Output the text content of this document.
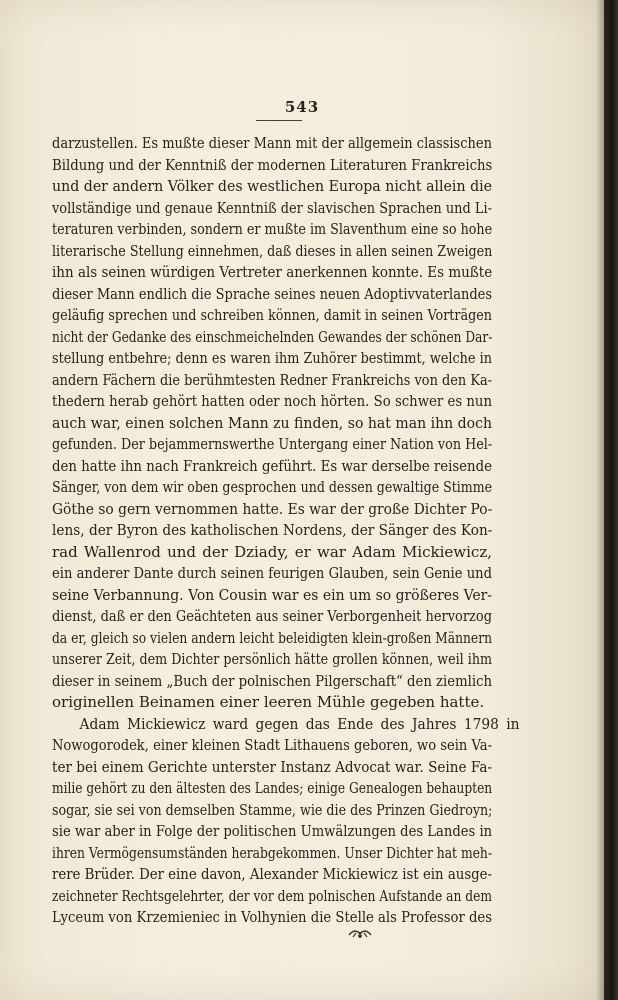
543
darzustellen. Es mußte dieser Mann mit der allgemein classischen
Bildung und der Kenntniß der modernen Literaturen Frankreichs
und der andern Völker des westlichen Europa nicht allein die
vollständige und genaue Kenntniß der slavischen Sprachen und Li-
teraturen verbinden, sondern er mußte im Slaventhum eine so hohe
literarische Stellung einnehmen, daß dieses in allen seinen Zweigen
ihn als seinen würdigen Vertreter anerkennen konnte. Es mußte
dieser Mann endlich die Sprache seines neuen Adoptivvaterlandes
geläufig sprechen und schreiben können, damit in seinen Vorträgen
nicht der Gedanke des einschmeichelnden Gewandes der schönen Dar-
stellung entbehre; denn es waren ihm Zuhörer bestimmt, welche in
andern Fächern die berühmtesten Redner Frankreichs von den Ka-
thedern herab gehört hatten oder noch hörten. So schwer es nun
auch war, einen solchen Mann zu finden, so hat man ihn doch
gefunden. Der bejammernswerthe Untergang einer Nation von Hel-
den hatte ihn nach Frankreich geführt. Es war derselbe reisende
Sänger, von dem wir oben gesprochen und dessen gewaltige Stimme
Göthe so gern vernommen hatte. Es war der große Dichter Po-
lens, der Byron des katholischen Nordens, der Sänger des Kon-
rad Wallenrod und der Dziady, er war Adam Mickiewicz,
ein anderer Dante durch seinen feurigen Glauben, sein Genie und
seine Verbannung. Von Cousin war es ein um so größeres Ver-
dienst, daß er den Geächteten aus seiner Verborgenheit hervorzog
da er, gleich so vielen andern leicht beleidigten klein-großen Männern
unserer Zeit, dem Dichter persönlich hätte grollen können, weil ihm
dieser in seinem „Buch der polnischen Pilgerschaft“ den ziemlich
originellen Beinamen einer leeren Mühle gegeben hatte.
Adam Mickiewicz ward gegen das Ende des Jahres 1798 in
Nowogorodek, einer kleinen Stadt Lithauens geboren, wo sein Va-
ter bei einem Gerichte unterster Instanz Advocat war. Seine Fa-
milie gehört zu den ältesten des Landes; einige Genealogen behaupten
sogar, sie sei von demselben Stamme, wie die des Prinzen Giedroyn;
sie war aber in Folge der politischen Umwälzungen des Landes in
ihren Vermögensumständen herabgekommen. Unser Dichter hat meh-
rere Brüder. Der eine davon, Alexander Mickiewicz ist ein ausge-
zeichneter Rechtsgelehrter, der vor dem polnischen Aufstande an dem
Lyceum von Krzemieniec in Volhynien die Stelle als Professor des
